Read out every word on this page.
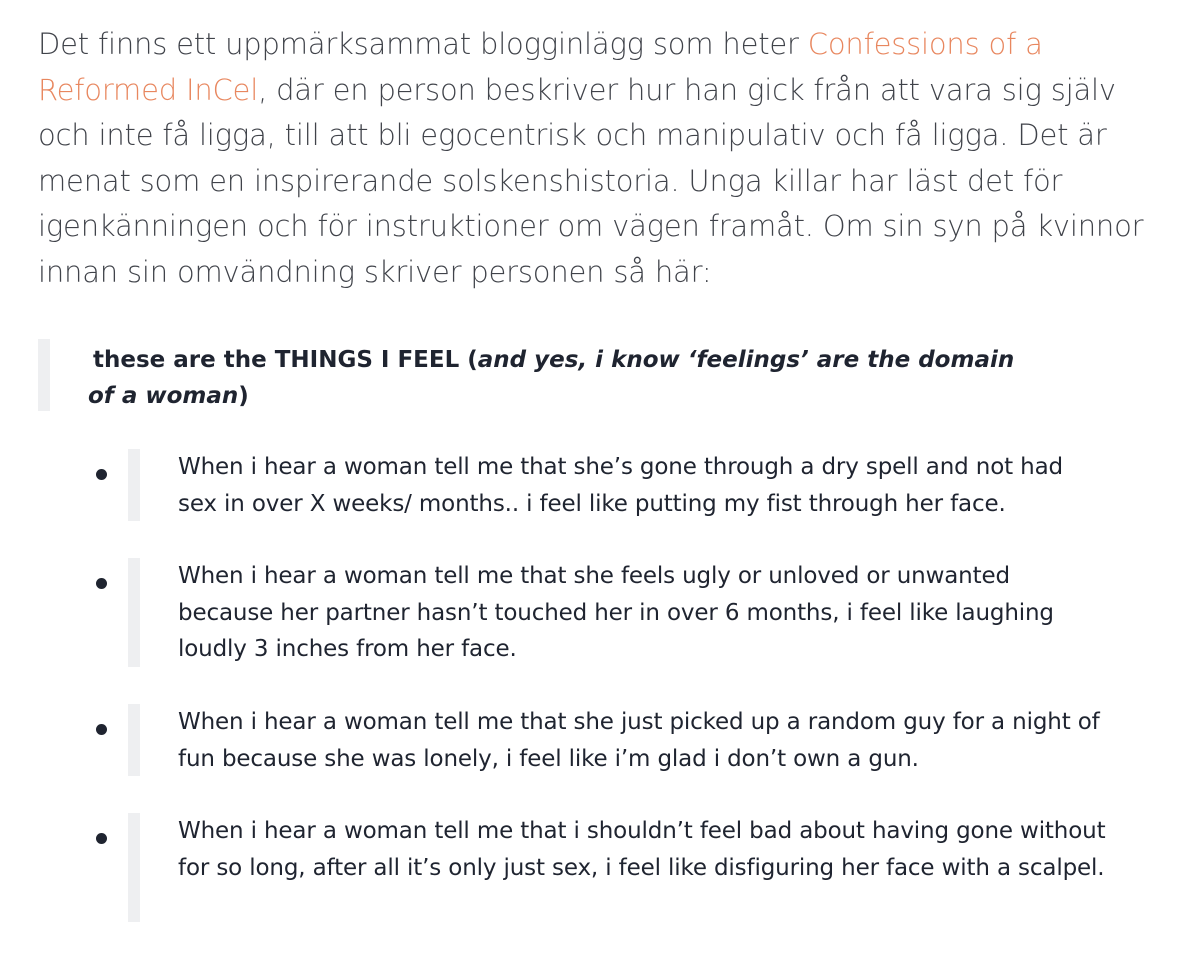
Det finns ett uppmärksammat blogginlägg som heter Confessions of a Reformed InCel, där en person beskriver hur han gick från att vara sig själv och inte få ligga, till att bli egocentrisk och manipulativ och få ligga. Det är menat som en inspirerande solskenshistoria. Unga killar har läst det för igenkänningen och för instruktioner om vägen framåt. Om sin syn på kvinnor innan sin omvändning skriver personen så här:

these are the THINGS I FEEL (and yes, i know ‘feelings’ are the domain of a woman)

When i hear a woman tell me that she’s gone through a dry spell and not had sex in over X weeks/ months.. i feel like putting my fist through her face.

When i hear a woman tell me that she feels ugly or unloved or unwanted because her partner hasn’t touched her in over 6 months, i feel like laughing loudly 3 inches from her face.

When i hear a woman tell me that she just picked up a random guy for a night of fun because she was lonely, i feel like i’m glad i don’t own a gun.

When i hear a woman tell me that i shouldn’t feel bad about having gone without for so long, after all it’s only just sex, i feel like disfiguring her face with a scalpel.
